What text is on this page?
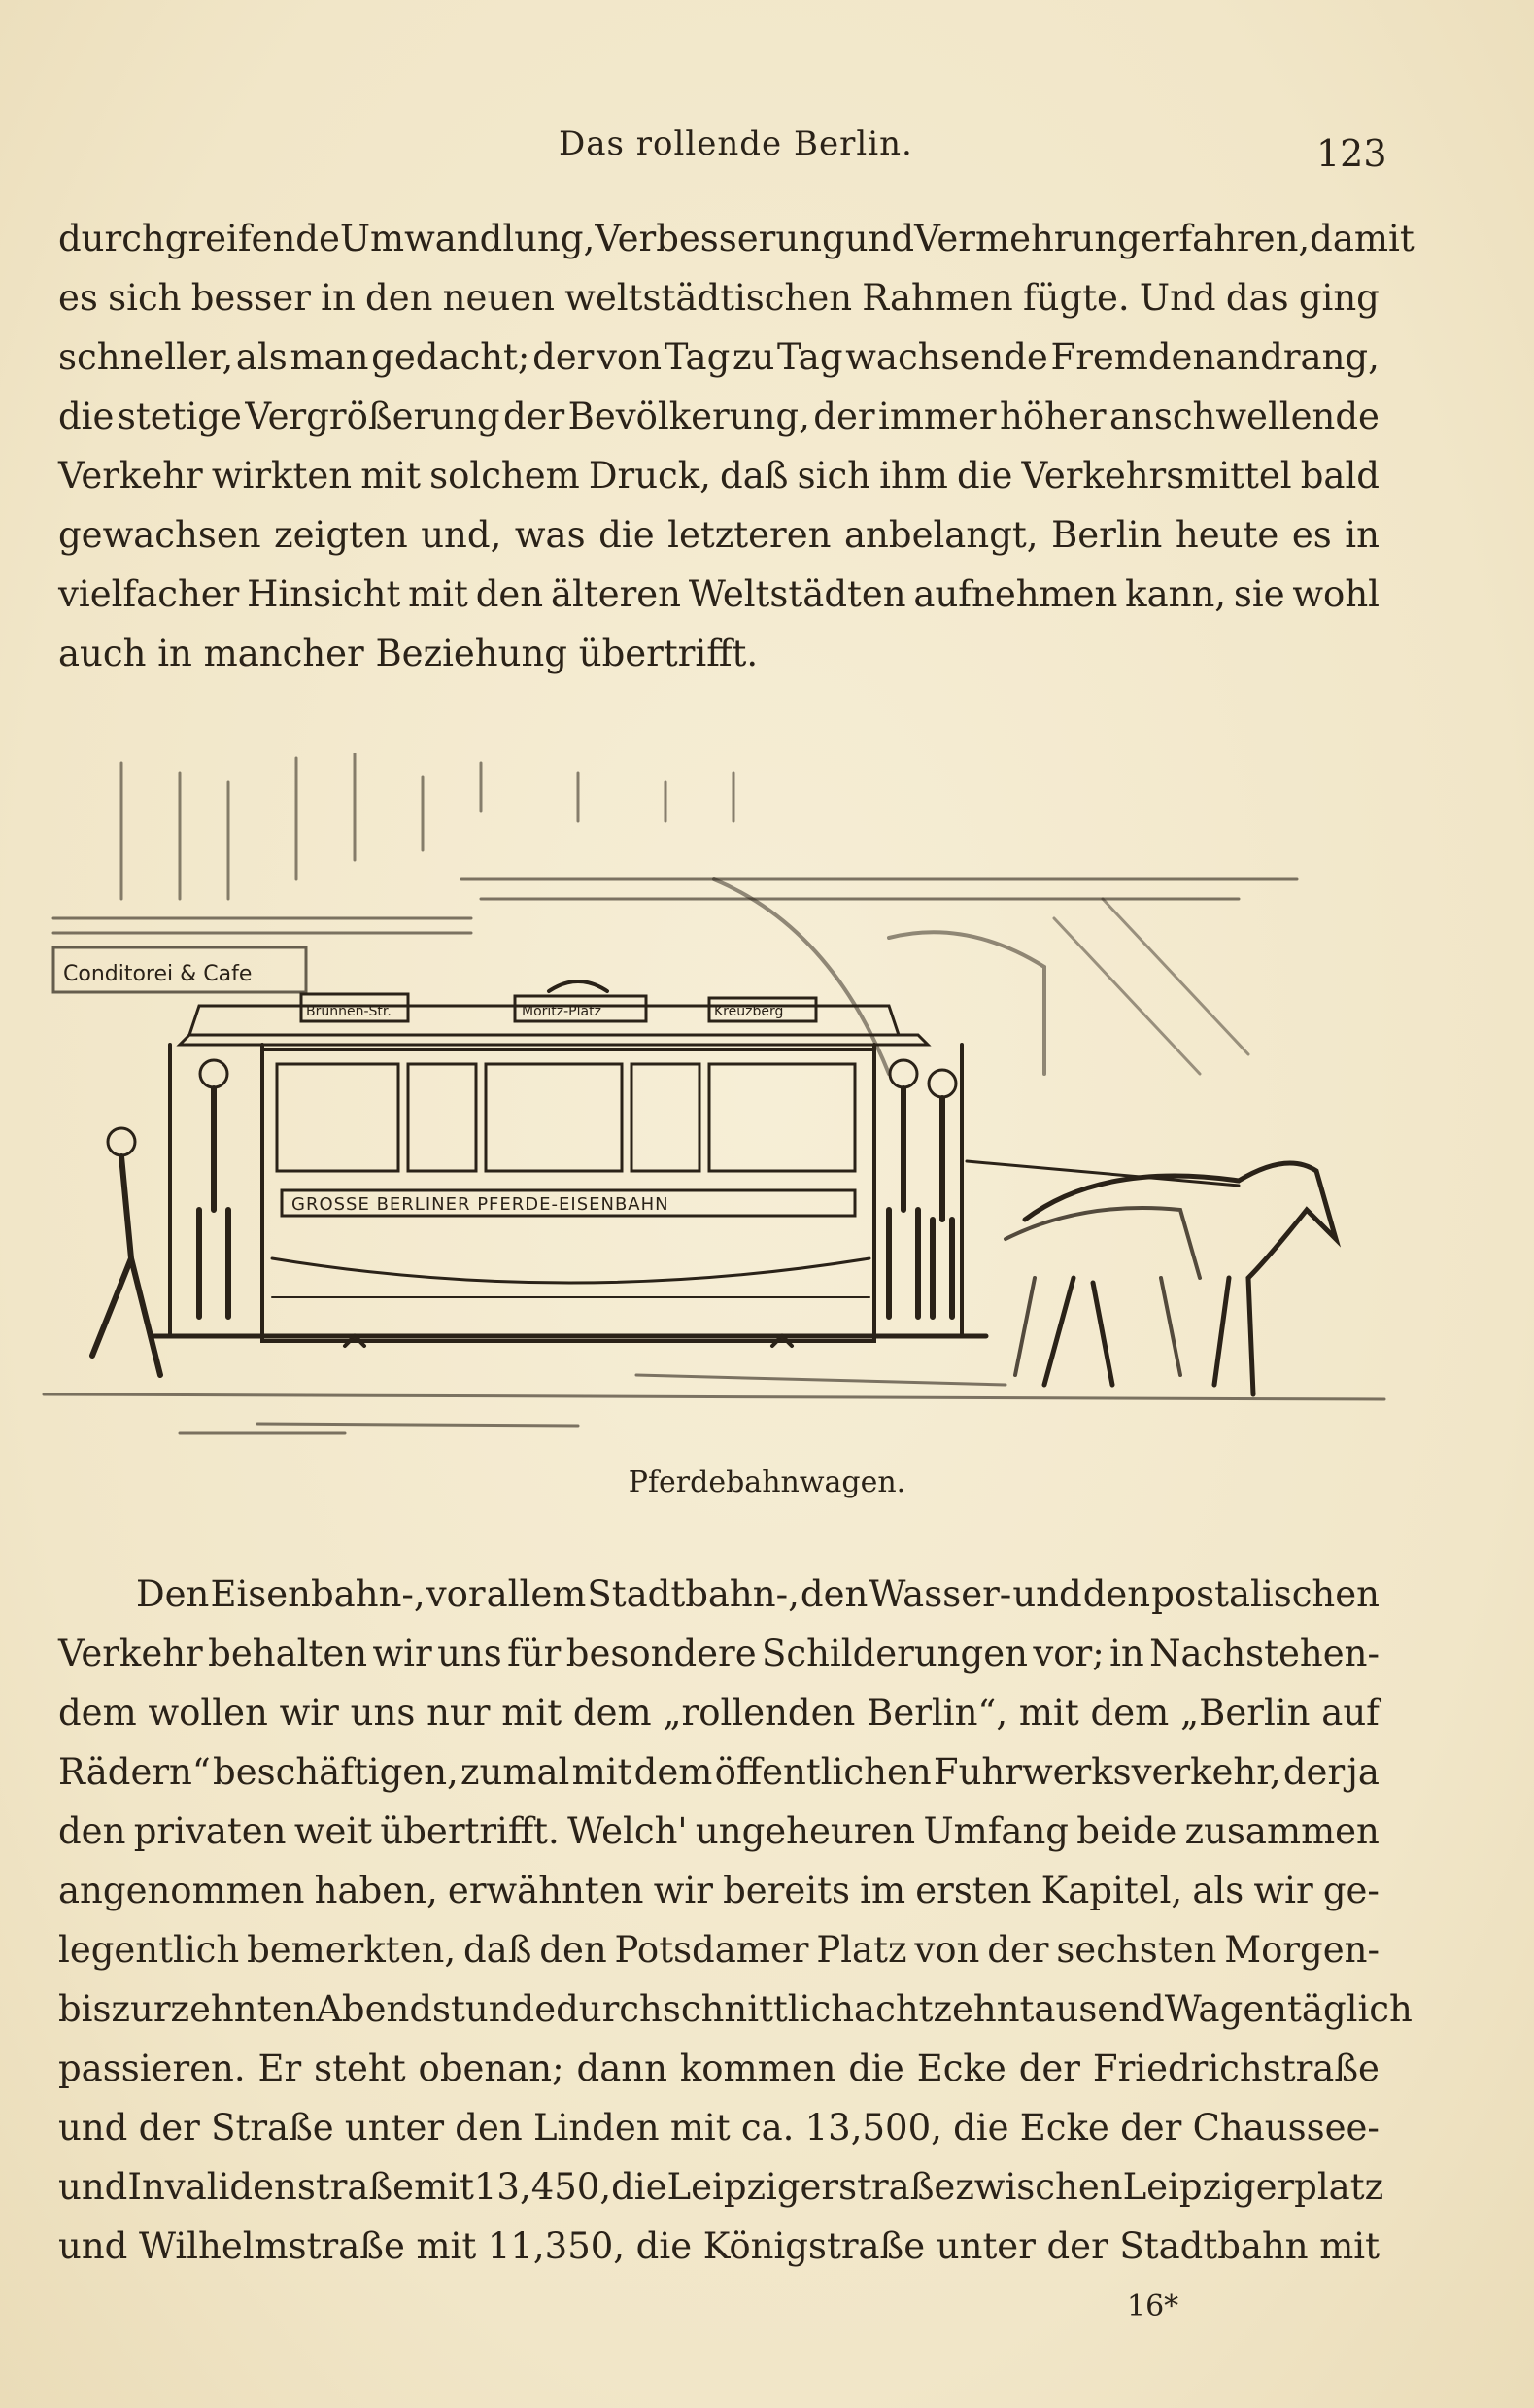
Das rollende Berlin.	123
durchgreifende Umwandlung, Verbesserung und Vermehrung erfahren, damit
es sich besser in den neuen weltstädtischen Rahmen fügte. Und das ging
schneller, als man gedacht; der von Tag zu Tag wachsende Fremdenandrang,
die stetige Vergrößerung der Bevölkerung, der immer höher anschwellende
Verkehr wirkten mit solchem Druck, daß sich ihm die Verkehrsmittel bald
gewachsen zeigten und, was die letzteren anbelangt, Berlin heute es in
vielfacher Hinsicht mit den älteren Weltstädten aufnehmen kann, sie wohl
auch in mancher Beziehung übertrifft.
Conditorei & Cafe
Brunnen-Str.	Moritz-Platz	Kreuzberg
GROSSE BERLINER PFERDE-EISENBAHN
Pferdebahnwagen.
Den Eisenbahn-, vor allem Stadtbahn-, den Wasser- und den postalischen
Verkehr behalten wir uns für besondere Schilderungen vor; in Nachstehen-
dem wollen wir uns nur mit dem „rollenden Berlin“, mit dem „Berlin auf
Rädern“ beschäftigen, zumal mit dem öffentlichen Fuhrwerksverkehr, der ja
den privaten weit übertrifft. Welch' ungeheuren Umfang beide zusammen
angenommen haben, erwähnten wir bereits im ersten Kapitel, als wir ge-
legentlich bemerkten, daß den Potsdamer Platz von der sechsten Morgen-
bis zur zehnten Abendstunde durchschnittlich achtzehntausend Wagen täglich
passieren. Er steht obenan; dann kommen die Ecke der Friedrichstraße
und der Straße unter den Linden mit ca. 13,500, die Ecke der Chaussee-
und Invalidenstraße mit 13,450, die Leipzigerstraße zwischen Leipzigerplatz
und Wilhelmstraße mit 11,350, die Königstraße unter der Stadtbahn mit
16*
